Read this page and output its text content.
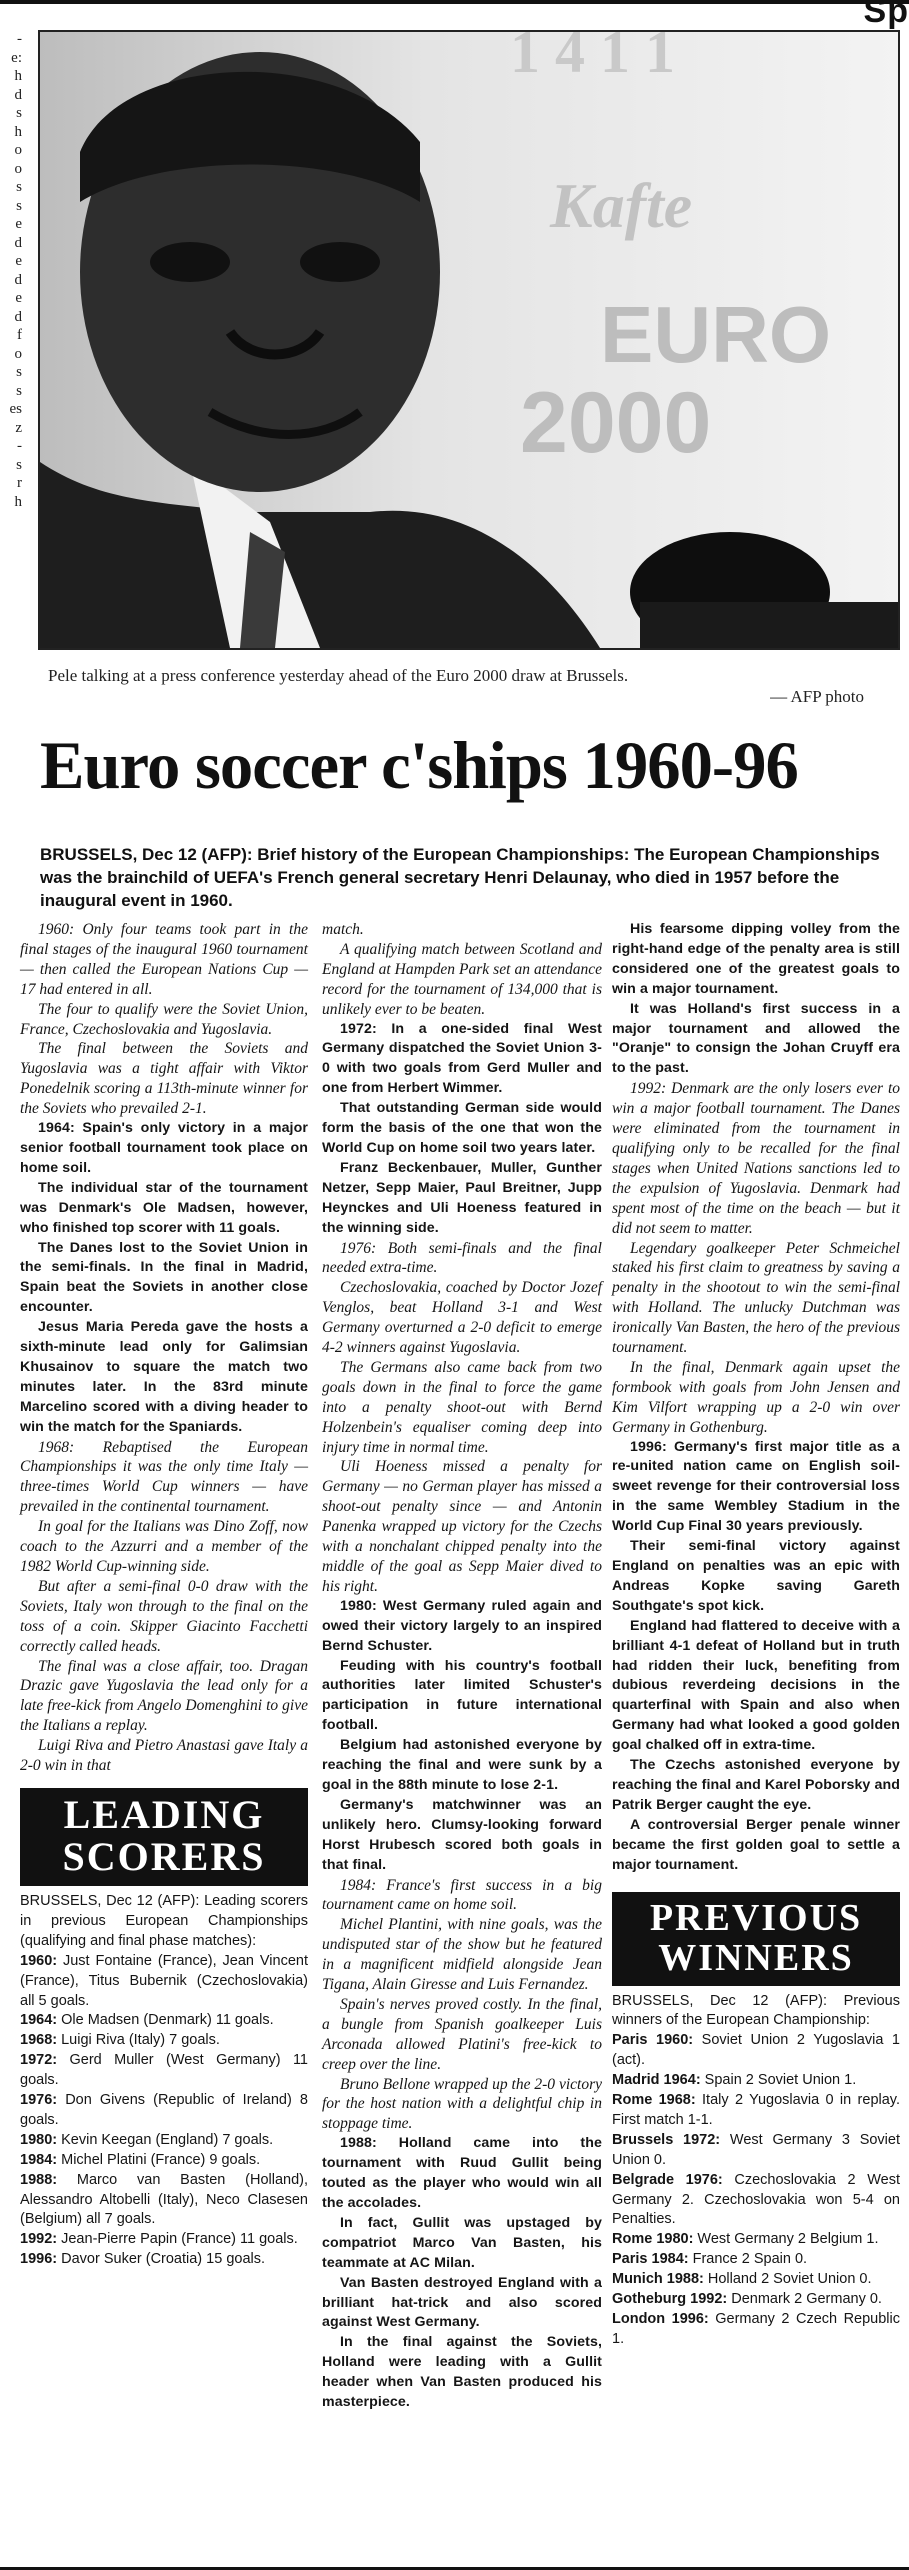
Sp
-
e:
h
d
s
h
o
o
s
s
e
d
e
d
e
d
f
o
s
s
es
z
-
s
r
h
1 4 1 1
Kafte
EURO
2000
Pele talking at a press conference yesterday ahead of the Euro 2000 draw at Brussels.
— AFP photo
Euro soccer c'ships 1960-96
BRUSSELS, Dec 12 (AFP): Brief history of the European Championships: The European Championships was the brainchild of UEFA's French general secretary Henri Delaunay, who died in 1957 before the inaugural event in 1960.

1960: Only four teams took part in the final stages of the inaugural 1960 tournament — then called the European Nations Cup — 17 had entered in all.

The four to qualify were the Soviet Union, France, Czechoslovakia and Yugoslavia.

The final between the Soviets and Yugoslavia was a tight affair with Viktor Ponedelnik scoring a 113th-minute winner for the Soviets who prevailed 2-1.

1964: Spain's only victory in a major senior football tournament took place on home soil.

The individual star of the tournament was Denmark's Ole Madsen, however, who finished top scorer with 11 goals.

The Danes lost to the Soviet Union in the semi-finals. In the final in Madrid, Spain beat the Soviets in another close encounter.

Jesus Maria Pereda gave the hosts a sixth-minute lead only for Galimsian Khusainov to square the match two minutes later. In the 83rd minute Marcelino scored with a diving header to win the match for the Spaniards.

1968: Rebaptised the European Championships it was the only time Italy — three-times World Cup winners — have prevailed in the continental tournament.

In goal for the Italians was Dino Zoff, now coach to the Azzurri and a member of the 1982 World Cup-winning side.

But after a semi-final 0-0 draw with the Soviets, Italy won through to the final on the toss of a coin. Skipper Giacinto Facchetti correctly called heads.

The final was a close affair, too. Dragan Drazic gave Yugoslavia the lead only for a late free-kick from Angelo Domenghini to give the Italians a replay.

Luigi Riva and Pietro Anastasi gave Italy a 2-0 win in that

LEADING
SCORERS

BRUSSELS, Dec 12 (AFP): Leading scorers in previous European Championships (qualifying and final phase matches):

1960: Just Fontaine (France), Jean Vincent (France), Titus Bubernik (Czechoslovakia) all 5 goals.

1964: Ole Madsen (Denmark) 11 goals.

1968: Luigi Riva (Italy) 7 goals.

1972: Gerd Muller (West Germany) 11 goals.

1976: Don Givens (Republic of Ireland) 8 goals.

1980: Kevin Keegan (England) 7 goals.

1984: Michel Platini (France) 9 goals.

1988: Marco van Basten (Holland), Alessandro Altobelli (Italy), Neco Clasesen (Belgium) all 7 goals.

1992: Jean-Pierre Papin (France) 11 goals.

1996: Davor Suker (Croatia) 15 goals.

match.

A qualifying match between Scotland and England at Hampden Park set an attendance record for the tournament of 134,000 that is unlikely ever to be beaten.

1972: In a one-sided final West Germany dispatched the Soviet Union 3-0 with two goals from Gerd Muller and one from Herbert Wimmer.

That outstanding German side would form the basis of the one that won the World Cup on home soil two years later.

Franz Beckenbauer, Muller, Gunther Netzer, Sepp Maier, Paul Breitner, Jupp Heynckes and Uli Hoeness featured in the winning side.

1976: Both semi-finals and the final needed extra-time.

Czechoslovakia, coached by Doctor Jozef Venglos, beat Holland 3-1 and West Germany overturned a 2-0 deficit to emerge 4-2 winners against Yugoslavia.

The Germans also came back from two goals down in the final to force the game into a penalty shoot-out with Bernd Holzenbein's equaliser coming deep into injury time in normal time.

Uli Hoeness missed a penalty for Germany — no German player has missed a shoot-out penalty since — and Antonin Panenka wrapped up victory for the Czechs with a nonchalant chipped penalty into the middle of the goal as Sepp Maier dived to his right.

1980: West Germany ruled again and owed their victory largely to an inspired Bernd Schuster.

Feuding with his country's football authorities later limited Schuster's participation in future international football.

Belgium had astonished everyone by reaching the final and were sunk by a goal in the 88th minute to lose 2-1.

Germany's matchwinner was an unlikely hero. Clumsy-looking forward Horst Hrubesch scored both goals in that final.

1984: France's first success in a big tournament came on home soil.

Michel Plantini, with nine goals, was the undisputed star of the show but he featured in a magnificent midfield alongside Jean Tigana, Alain Giresse and Luis Fernandez.

Spain's nerves proved costly. In the final, a bungle from Spanish goalkeeper Luis Arconada allowed Platini's free-kick to creep over the line.

Bruno Bellone wrapped up the 2-0 victory for the host nation with a delightful chip in stoppage time.

1988: Holland came into the tournament with Ruud Gullit being touted as the player who would win all the accolades.

In fact, Gullit was upstaged by compatriot Marco Van Basten, his teammate at AC Milan.

Van Basten destroyed England with a brilliant hat-trick and also scored against West Germany.

In the final against the Soviets, Holland were leading with a Gullit header when Van Basten produced his masterpiece.

His fearsome dipping volley from the right-hand edge of the penalty area is still considered one of the greatest goals to win a major tournament.

It was Holland's first success in a major tournament and allowed the "Oranje" to consign the Johan Cruyff era to the past.

1992: Denmark are the only losers ever to win a major football tournament. The Danes were eliminated from the tournament in qualifying only to be recalled for the final stages when United Nations sanctions led to the expulsion of Yugoslavia. Denmark had spent most of the time on the beach — but it did not seem to matter.

Legendary goalkeeper Peter Schmeichel staked his first claim to greatness by saving a penalty in the shootout to win the semi-final with Holland. The unlucky Dutchman was ironically Van Basten, the hero of the previous tournament.

In the final, Denmark again upset the formbook with goals from John Jensen and Kim Vilfort wrapping up a 2-0 win over Germany in Gothenburg.

1996: Germany's first major title as a re-united nation came on English soil-sweet revenge for their controversial loss in the same Wembley Stadium in the World Cup Final 30 years previously.

Their semi-final victory against England on penalties was an epic with Andreas Kopke saving Gareth Southgate's spot kick.

England had flattered to deceive with a brilliant 4-1 defeat of Holland but in truth had ridden their luck, benefiting from dubious reverdeing decisions in the quarterfinal with Spain and also when Germany had what looked a good golden goal chalked off in extra-time.

The Czechs astonished everyone by reaching the final and Karel Poborsky and Patrik Berger caught the eye.

A controversial Berger penale winner became the first golden goal to settle a major tournament.

PREVIOUS
WINNERS

BRUSSELS, Dec 12 (AFP): Previous winners of the European Championship:

Paris 1960: Soviet Union 2 Yugoslavia 1 (act).

Madrid 1964: Spain 2 Soviet Union 1.

Rome 1968: Italy 2 Yugoslavia 0 in replay. First match 1-1.

Brussels 1972: West Germany 3 Soviet Union 0.

Belgrade 1976: Czechoslovakia 2 West Germany 2. Czechoslovakia won 5-4 on Penalties.

Rome 1980: West Germany 2 Belgium 1.

Paris 1984: France 2 Spain 0.

Munich 1988: Holland 2 Soviet Union 0.

Gotheburg 1992: Denmark 2 Germany 0.

London 1996: Germany 2 Czech Republic 1.
